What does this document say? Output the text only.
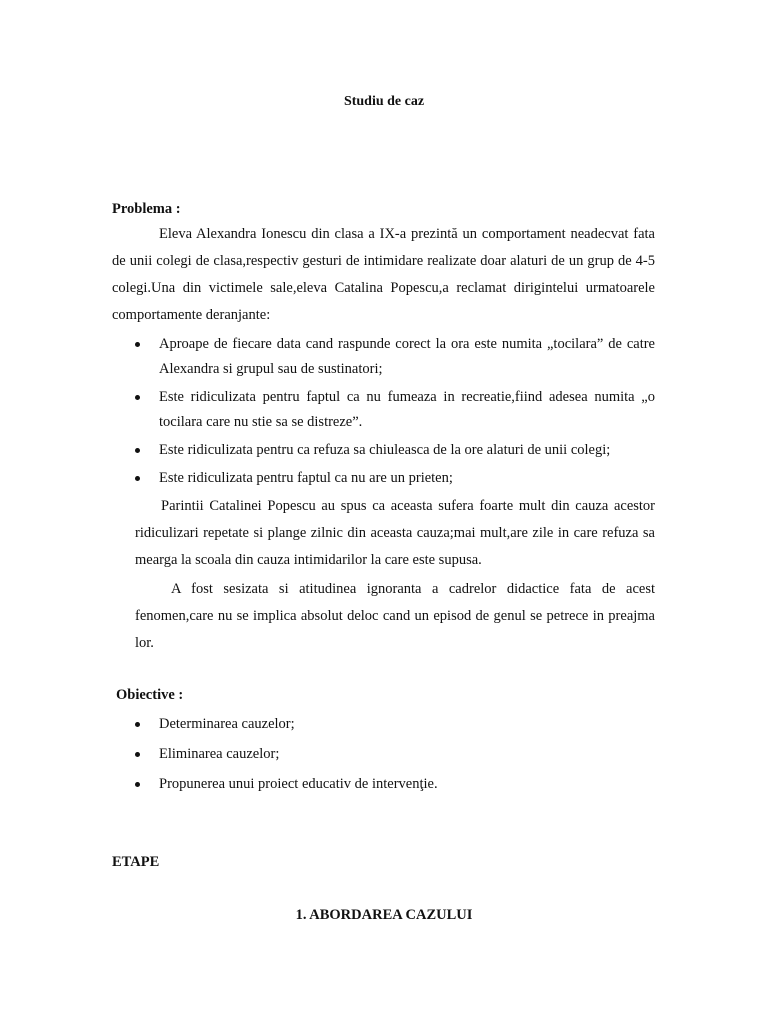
Studiu de caz
Problema :

Eleva Alexandra Ionescu din clasa a IX-a prezintă un comportament neadecvat fata de unii colegi de clasa,respectiv gesturi de intimidare realizate doar alaturi de un grup de 4-5 colegi.Una din victimele sale,eleva Catalina Popescu,a reclamat dirigintelui urmatoarele comportamente deranjante:

Aproape de fiecare data cand raspunde corect la ora este numita „tocilara” de catre Alexandra si grupul sau de sustinatori;
Este ridiculizata pentru faptul ca nu fumeaza in recreatie,fiind adesea numita „o tocilara care nu stie sa se distreze”.
Este ridiculizata pentru ca refuza sa chiuleasca de la ore alaturi de unii colegi;
Este ridiculizata pentru faptul ca nu are un prieten;

Parintii Catalinei Popescu au spus ca aceasta sufera foarte mult din cauza acestor ridiculizari repetate si plange zilnic din aceasta cauza;mai mult,are zile in care refuza sa mearga la scoala din cauza intimidarilor la care este supusa.

A fost sesizata si atitudinea ignoranta a cadrelor didactice fata de acest fenomen,care nu se implica absolut deloc cand un episod de genul se petrece in preajma lor.

Obiective :
Determinarea cauzelor;
Eliminarea cauzelor;
Propunerea unui proiect educativ de intervenţie.
ETAPE
1. ABORDAREA CAZULUI
